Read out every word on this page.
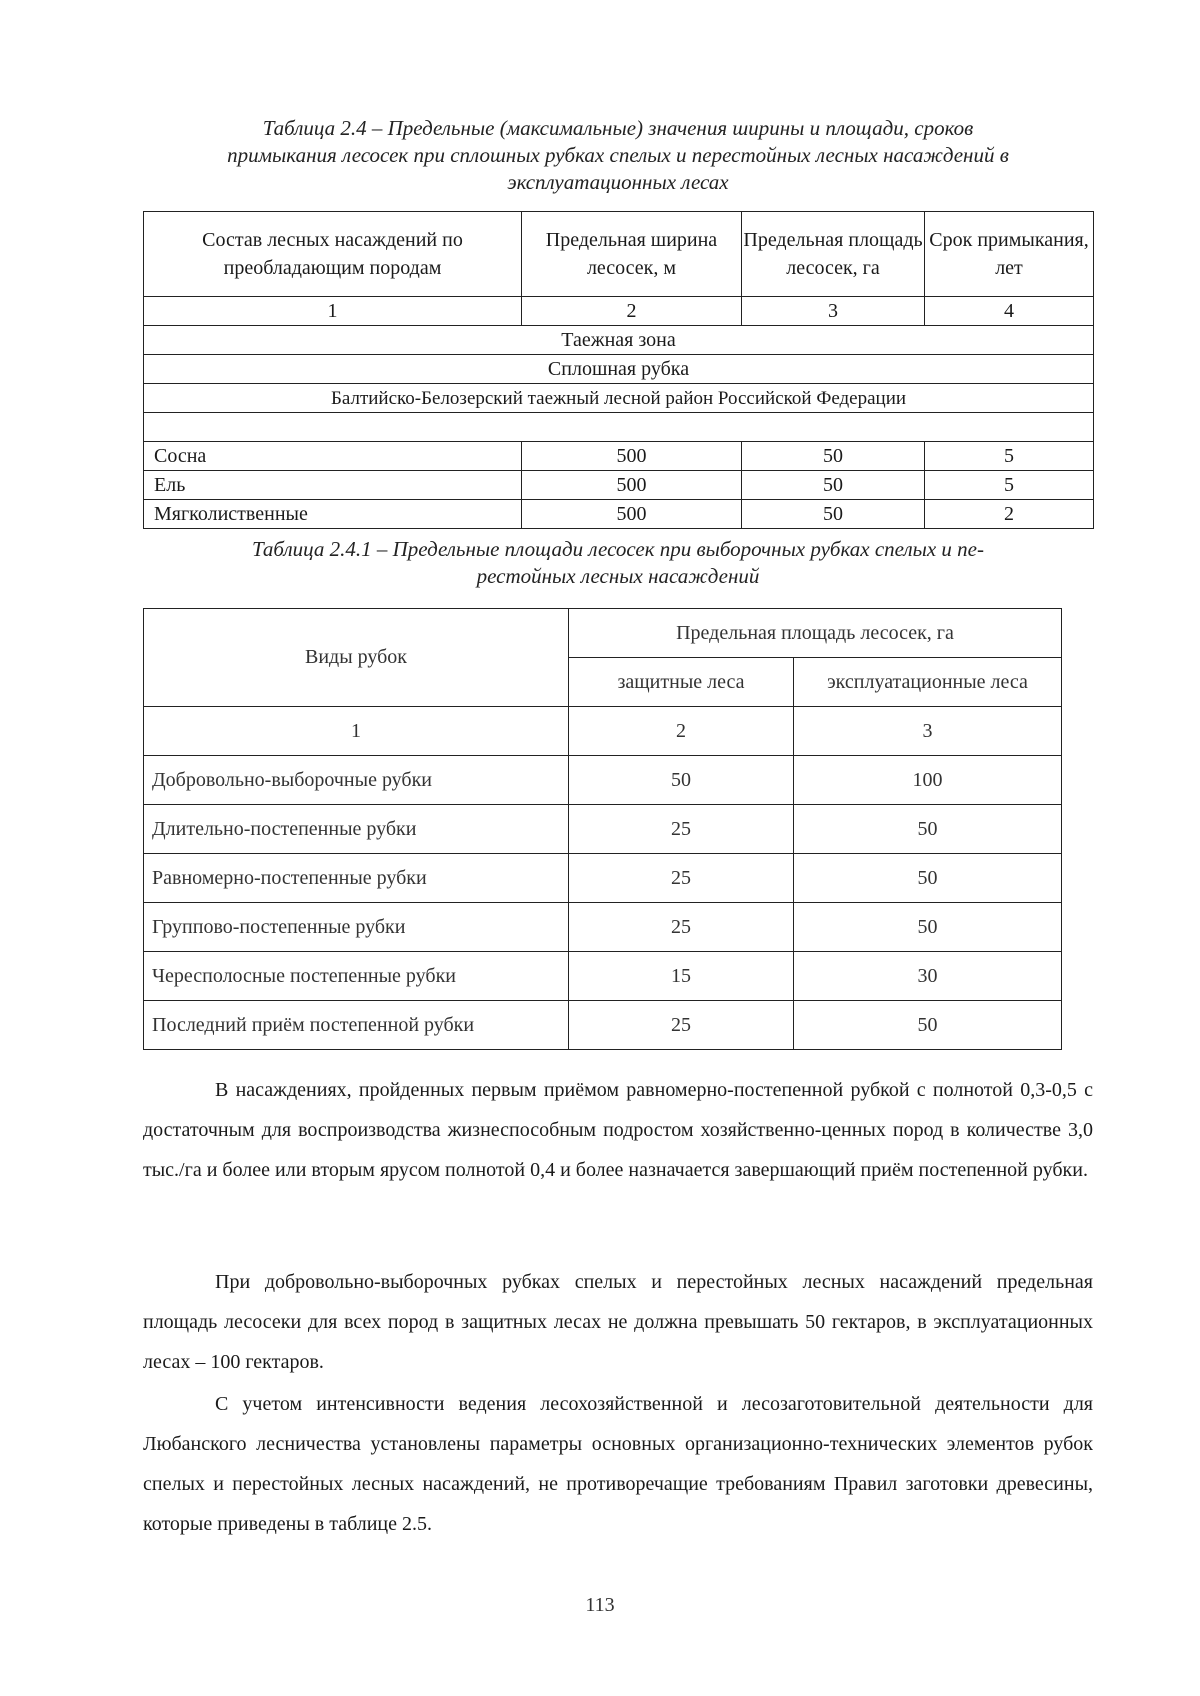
Таблица 2.4 – Предельные (максимальные) значения ширины и площади, сроков
примыкания лесосек при сплошных рубках спелых и перестойных лесных насаждений в
эксплуатационных лесах
Состав лесных насаждений по преобладающим породам	Предельная ширина лесосек, м	Предельная площадь лесосек, га	Срок примыкания, лет
1	2	3	4
Таежная зона			
Сплошная рубка			
Балтийско-Белозерский таежный лесной район Российской Федерации			

Сосна	500	50	5
Ель	500	50	5
Мягколиственные	500	50	2
Таблица 2.4.1 – Предельные площади лесосек при выборочных рубках спелых и пе-
рестойных лесных насаждений
Виды рубок	Предельная площадь лесосек, га	
	защитные леса	эксплуатационные леса
1	2	3
Добровольно-выборочные рубки	50	100
Длительно-постепенные рубки	25	50
Равномерно-постепенные рубки	25	50
Группово-постепенные рубки	25	50
Чересполосные постепенные рубки	15	30
Последний приём постепенной рубки	25	50

В насаждениях, пройденных первым приёмом равномерно-постепенной рубкой с полнотой 0,3-0,5 с достаточным для воспроизводства жизнеспособным подростом хозяйственно-ценных пород в количестве 3,0 тыс./га и более или вторым ярусом полнотой 0,4 и более назначается завершающий приём постепенной рубки.

При добровольно-выборочных рубках спелых и перестойных лесных насаждений предельная площадь лесосеки для всех пород в защитных лесах не должна превышать 50 гектаров, в эксплуатационных лесах – 100 гектаров.

С учетом интенсивности ведения лесохозяйственной и лесозаготовительной деятельности для Любанского лесничества установлены параметры основных организационно-технических элементов рубок спелых и перестойных лесных насаждений, не противоречащие требованиям Правил заготовки древесины, которые приведены в таблице 2.5.

113
